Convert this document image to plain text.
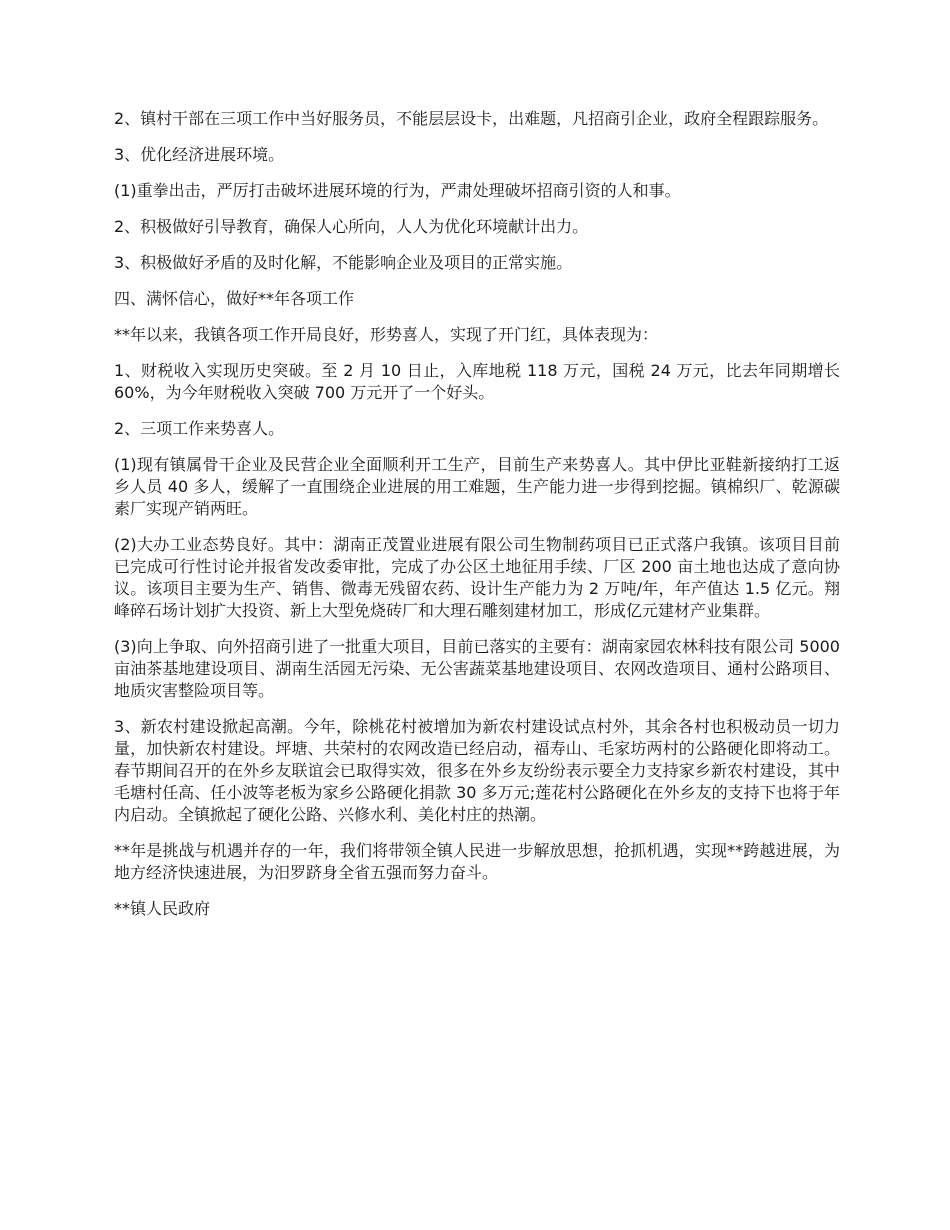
2、镇村干部在三项工作中当好服务员，不能层层设卡，出难题，凡招商引企业，政府全程跟踪服务。

3、优化经济进展环境。

(1)重拳出击，严厉打击破坏进展环境的行为，严肃处理破坏招商引资的人和事。

2、积极做好引导教育，确保人心所向，人人为优化环境献计出力。

3、积极做好矛盾的及时化解，不能影响企业及项目的正常实施。

四、满怀信心，做好**年各项工作

**年以来，我镇各项工作开局良好，形势喜人，实现了开门红，具体表现为：

1、财税收入实现历史突破。至 2 月 10 日止，入库地税 118 万元，国税 24 万元，比去年同期增长 60%，为今年财税收入突破 700 万元开了一个好头。

2、三项工作来势喜人。

(1)现有镇属骨干企业及民营企业全面顺利开工生产，目前生产来势喜人。其中伊比亚鞋新接纳打工返乡人员 40 多人，缓解了一直围绕企业进展的用工难题，生产能力进一步得到挖掘。镇棉织厂、乾源碳素厂实现产销两旺。

(2)大办工业态势良好。其中：湖南正茂置业进展有限公司生物制药项目已正式落户我镇。该项目目前已完成可行性讨论并报省发改委审批，完成了办公区土地征用手续、厂区 200 亩土地也达成了意向协议。该项目主要为生产、销售、微毒无残留农药、设计生产能力为 2 万吨/年，年产值达 1.5 亿元。翔峰碎石场计划扩大投资、新上大型免烧砖厂和大理石雕刻建材加工，形成亿元建材产业集群。

(3)向上争取、向外招商引进了一批重大项目，目前已落实的主要有：湖南家园农林科技有限公司 5000 亩油茶基地建设项目、湖南生活园无污染、无公害蔬菜基地建设项目、农网改造项目、通村公路项目、地质灾害整险项目等。

3、新农村建设掀起高潮。今年，除桃花村被增加为新农村建设试点村外，其余各村也积极动员一切力量，加快新农村建设。坪塘、共荣村的农网改造已经启动，福寿山、毛家坊两村的公路硬化即将动工。春节期间召开的在外乡友联谊会已取得实效，很多在外乡友纷纷表示要全力支持家乡新农村建设，其中毛塘村任高、任小波等老板为家乡公路硬化捐款 30 多万元;莲花村公路硬化在外乡友的支持下也将于年内启动。全镇掀起了硬化公路、兴修水利、美化村庄的热潮。

**年是挑战与机遇并存的一年，我们将带领全镇人民进一步解放思想，抢抓机遇，实现**跨越进展，为地方经济快速进展，为汨罗跻身全省五强而努力奋斗。

**镇人民政府
